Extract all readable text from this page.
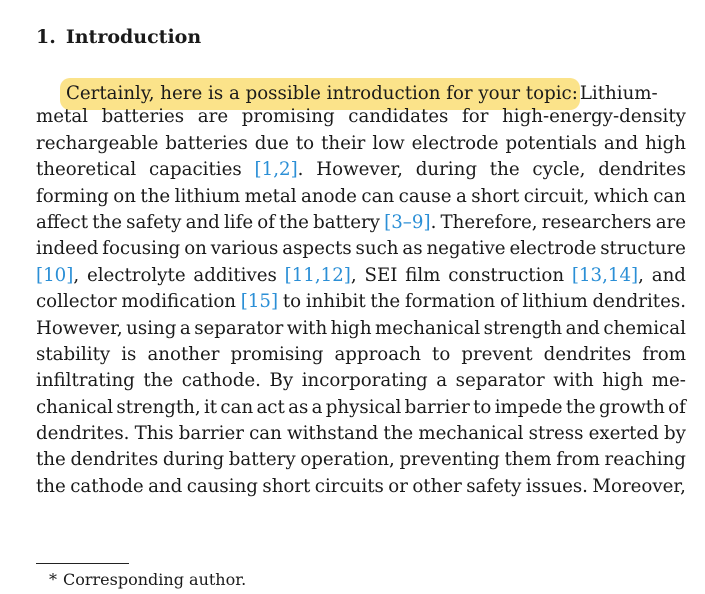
1. Introduction
Certainly, here is a possible introduction for your topic: Lithium-
metal batteries are promising candidates for high-energy-density
rechargeable batteries due to their low electrode potentials and high
theoretical capacities [1,2]. However, during the cycle, dendrites
forming on the lithium metal anode can cause a short circuit, which can
affect the safety and life of the battery [3–9]. Therefore, researchers are
indeed focusing on various aspects such as negative electrode structure
[10], electrolyte additives [11,12], SEI film construction [13,14], and
collector modification [15] to inhibit the formation of lithium dendrites.
However, using a separator with high mechanical strength and chemical
stability is another promising approach to prevent dendrites from
infiltrating the cathode. By incorporating a separator with high me-
chanical strength, it can act as a physical barrier to impede the growth of
dendrites. This barrier can withstand the mechanical stress exerted by
the dendrites during battery operation, preventing them from reaching
the cathode and causing short circuits or other safety issues. Moreover,
* Corresponding author.
